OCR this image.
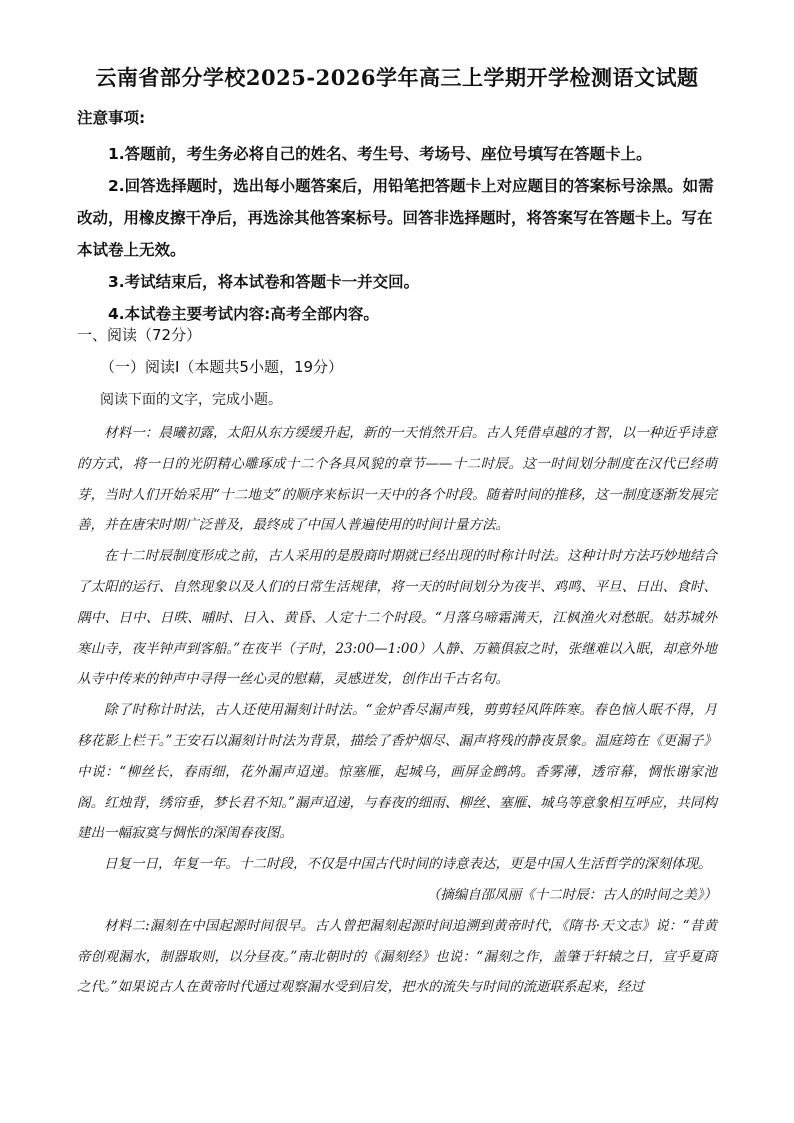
云南省部分学校2025-2026学年高三上学期开学检测语文试题
注意事项:

1.答题前，考生务必将自己的姓名、考生号、考场号、座位号填写在答题卡上。

2.回答选择题时，选出每小题答案后，用铅笔把答题卡上对应题目的答案标号涂黑。如需改动，用橡皮擦干净后，再选涂其他答案标号。回答非选择题时，将答案写在答题卡上。写在本试卷上无效。

3.考试结束后，将本试卷和答题卡一并交回。

4.本试卷主要考试内容:高考全部内容。

一、阅读（72分）
（一）阅读Ⅰ（本题共5小题，19分）
阅读下面的文字，完成小题。

材料一：晨曦初露，太阳从东方缓缓升起，新的一天悄然开启。古人凭借卓越的才智，以一种近乎诗意的方式，将一日的光阴精心雕琢成十二个各具风貌的章节——十二时辰。这一时间划分制度在汉代已经萌芽，当时人们开始采用“十二地支”的顺序来标识一天中的各个时段。随着时间的推移，这一制度逐渐发展完善，并在唐宋时期广泛普及，最终成了中国人普遍使用的时间计量方法。

在十二时辰制度形成之前，古人采用的是殷商时期就已经出现的时称计时法。这种计时方法巧妙地结合了太阳的运行、自然现象以及人们的日常生活规律，将一天的时间划分为夜半、鸡鸣、平旦、日出、食时、隅中、日中、日昳、晡时、日入、黄昏、人定十二个时段。“月落乌啼霜满天，江枫渔火对愁眠。姑苏城外寒山寺，夜半钟声到客船。”在夜半（子时，23:00—1:00）人静、万籁俱寂之时，张继难以入眠，却意外地从寺中传来的钟声中寻得一丝心灵的慰藉，灵感迸发，创作出千古名句。

除了时称计时法，古人还使用漏刻计时法。“金炉香尽漏声残，剪剪轻风阵阵寒。春色恼人眠不得，月移花影上栏干。”王安石以漏刻计时法为背景，描绘了香炉烟尽、漏声将残的静夜景象。温庭筠在《更漏子》中说：“柳丝长，春雨细，花外漏声迢递。惊塞雁，起城乌，画屏金鹧鸪。香雾薄，透帘幕，惆怅谢家池阁。红烛背，绣帘垂，梦长君不知。”漏声迢递，与春夜的细雨、柳丝、塞雁、城乌等意象相互呼应，共同构建出一幅寂寞与惆怅的深闺春夜图。

日复一日，年复一年。十二时段，不仅是中国古代时间的诗意表达，更是中国人生活哲学的深刻体现。

（摘编自邵凤丽《十二时辰：古人的时间之美》）

材料二:漏刻在中国起源时间很早。古人曾把漏刻起源时间追溯到黄帝时代，《隋书·天文志》说：“昔黄帝创观漏水，制器取则，以分昼夜。”南北朝时的《漏刻经》也说：“漏刻之作，盖肇于轩辕之日，宣乎夏商之代。”如果说古人在黄帝时代通过观察漏水受到启发，把水的流失与时间的流逝联系起来，经过
